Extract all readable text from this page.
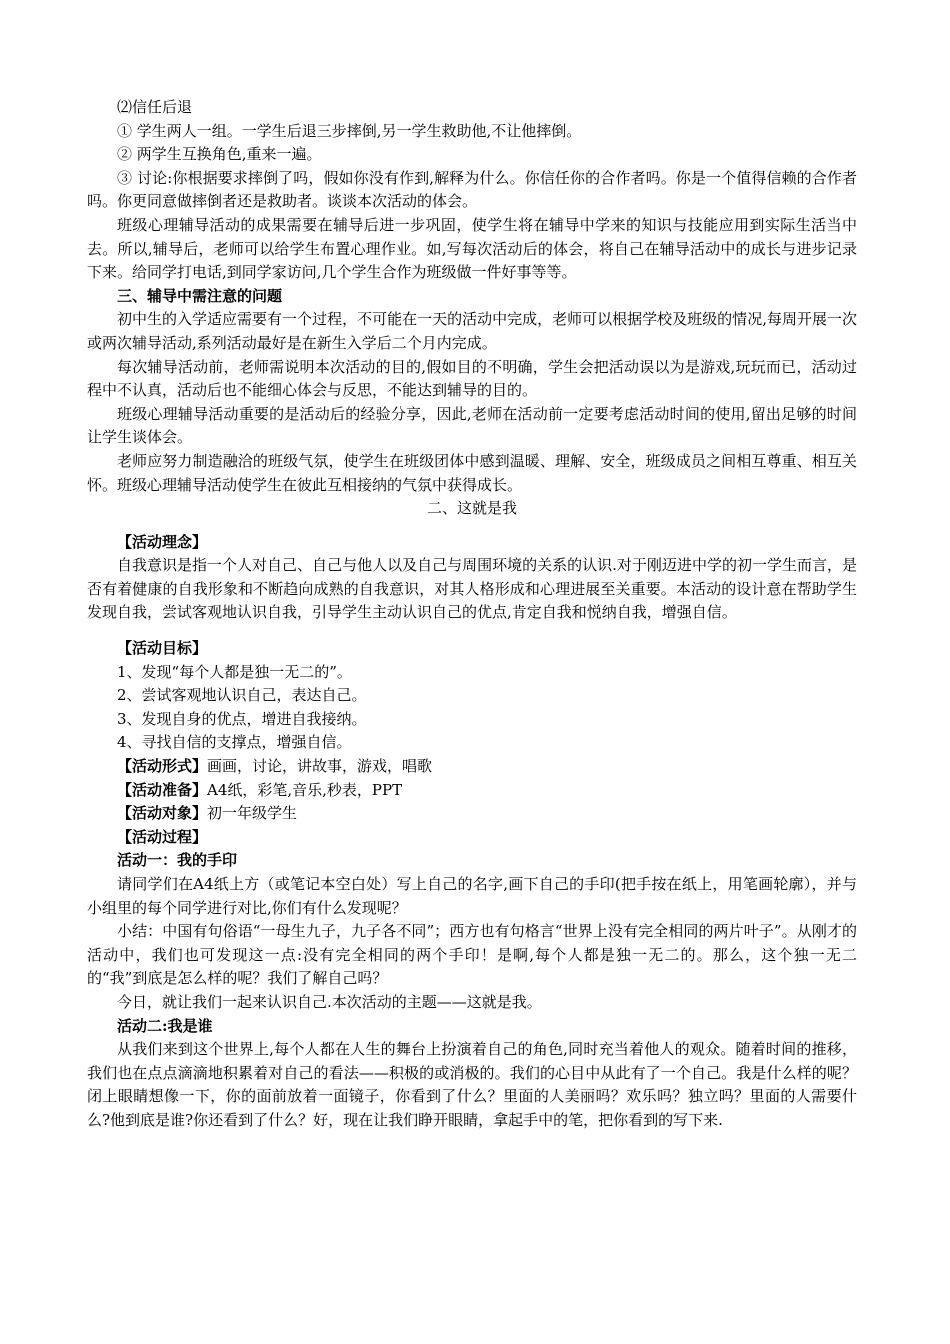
⑵信任后退

① 学生两人一组。一学生后退三步摔倒,另一学生救助他,不让他摔倒。

② 两学生互换角色,重来一遍。

③ 讨论:你根据要求摔倒了吗，假如你没有作到,解释为什么。你信任你的合作者吗。你是一个值得信赖的合作者吗。你更同意做摔倒者还是救助者。谈谈本次活动的体会。

班级心理辅导活动的成果需要在辅导后进一步巩固，使学生将在辅导中学来的知识与技能应用到实际生活当中去。所以,辅导后，老师可以给学生布置心理作业。如,写每次活动后的体会，将自己在辅导活动中的成长与进步记录下来。给同学打电话,到同学家访问,几个学生合作为班级做一件好事等等。

三、辅导中需注意的问题

初中生的入学适应需要有一个过程，不可能在一天的活动中完成，老师可以根据学校及班级的情况,每周开展一次或两次辅导活动,系列活动最好是在新生入学后二个月内完成。

每次辅导活动前，老师需说明本次活动的目的,假如目的不明确，学生会把活动误以为是游戏,玩玩而已，活动过程中不认真，活动后也不能细心体会与反思，不能达到辅导的目的。

班级心理辅导活动重要的是活动后的经验分享，因此,老师在活动前一定要考虑活动时间的使用,留出足够的时间让学生谈体会。

老师应努力制造融洽的班级气氛，使学生在班级团体中感到温暖、理解、安全，班级成员之间相互尊重、相互关怀。班级心理辅导活动使学生在彼此互相接纳的气氛中获得成长。

二、这就是我

【活动理念】

自我意识是指一个人对自己、自己与他人以及自己与周围环境的关系的认识.对于刚迈进中学的初一学生而言，是否有着健康的自我形象和不断趋向成熟的自我意识，对其人格形成和心理进展至关重要。本活动的设计意在帮助学生发现自我，尝试客观地认识自我，引导学生主动认识自己的优点,肯定自我和悦纳自我，增强自信。

【活动目标】

1、发现“每个人都是独一无二的”。

2、尝试客观地认识自己，表达自己。

3、发现自身的优点，增进自我接纳。

4、寻找自信的支撑点，增强自信。

【活动形式】画画，讨论，讲故事，游戏，唱歌

【活动准备】A4纸，彩笔,音乐,秒表，PPT

【活动对象】初一年级学生

【活动过程】

活动一：我的手印

请同学们在A4纸上方（或笔记本空白处）写上自己的名字,画下自己的手印(把手按在纸上，用笔画轮廓），并与小组里的每个同学进行对比,你们有什么发现呢？

小结：中国有句俗语“一母生九子，九子各不同”；西方也有句格言“世界上没有完全相同的两片叶子”。从刚才的活动中，我们也可发现这一点:没有完全相同的两个手印！是啊,每个人都是独一无二的。那么，这个独一无二的“我”到底是怎么样的呢？我们了解自己吗？

今日，就让我们一起来认识自己.本次活动的主题——这就是我。

活动二:我是谁

从我们来到这个世界上,每个人都在人生的舞台上扮演着自己的角色,同时充当着他人的观众。随着时间的推移，我们也在点点滴滴地积累着对自己的看法——积极的或消极的。我们的心目中从此有了一个自己。我是什么样的呢？闭上眼睛想像一下，你的面前放着一面镜子，你看到了什么？里面的人美丽吗？欢乐吗？独立吗？里面的人需要什么?他到底是谁?你还看到了什么？好，现在让我们睁开眼睛，拿起手中的笔，把你看到的写下来.
